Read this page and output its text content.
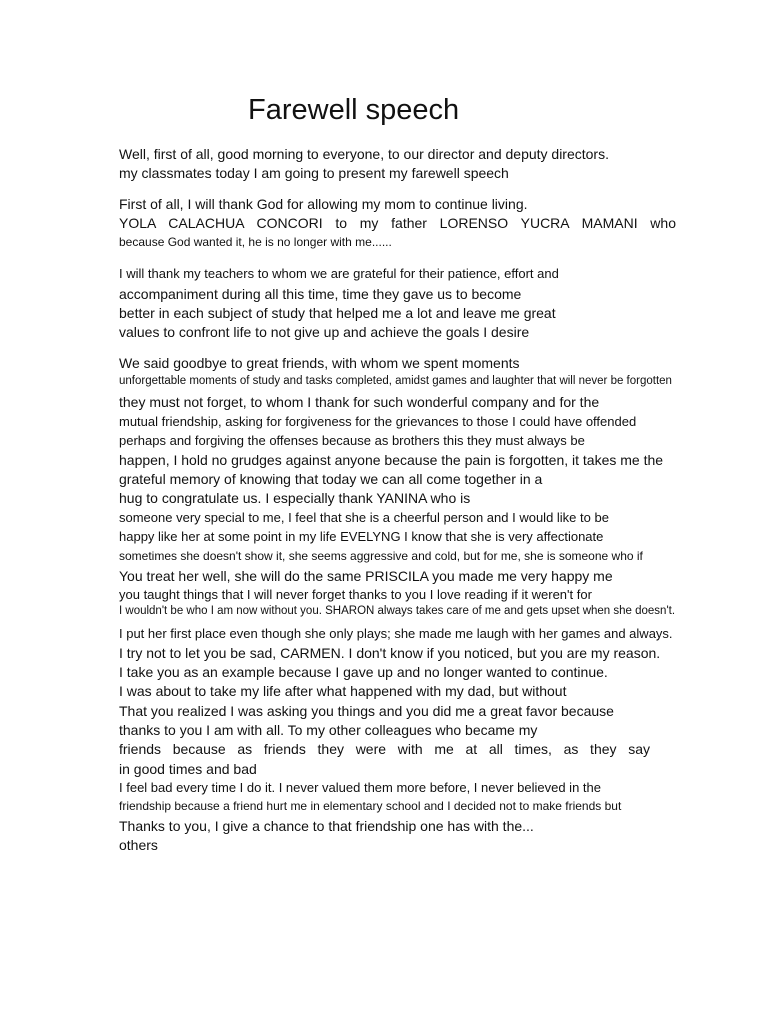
Farewell speech

Well, first of all, good morning to everyone, to our director and deputy directors.

my classmates today I am going to present my farewell speech

First of all, I will thank God for allowing my mom to continue living.

YOLA CALACHUA CONCORI to my father LORENSO YUCRA MAMANI who

because God wanted it, he is no longer with me......

I will thank my teachers to whom we are grateful for their patience, effort and

accompaniment during all this time, time they gave us to become

better in each subject of study that helped me a lot and leave me great

values to confront life to not give up and achieve the goals I desire

We said goodbye to great friends, with whom we spent moments

unforgettable moments of study and tasks completed, amidst games and laughter that will never be forgotten

they must not forget, to whom I thank for such wonderful company and for the

mutual friendship, asking for forgiveness for the grievances to those I could have offended

perhaps and forgiving the offenses because as brothers this they must always be

happen, I hold no grudges against anyone because the pain is forgotten, it takes me the

grateful memory of knowing that today we can all come together in a

hug to congratulate us. I especially thank YANINA who is

someone very special to me, I feel that she is a cheerful person and I would like to be

happy like her at some point in my life EVELYNG I know that she is very affectionate

sometimes she doesn't show it, she seems aggressive and cold, but for me, she is someone who if

You treat her well, she will do the same PRISCILA you made me very happy me

you taught things that I will never forget thanks to you I love reading if it weren't for

I wouldn't be who I am now without you. SHARON always takes care of me and gets upset when she doesn't.

I put her first place even though she only plays; she made me laugh with her games and always.

I try not to let you be sad, CARMEN. I don't know if you noticed, but you are my reason.

I take you as an example because I gave up and no longer wanted to continue.

I was about to take my life after what happened with my dad, but without

That you realized I was asking you things and you did me a great favor because

thanks to you I am with all. To my other colleagues who became my

friends because as friends they were with me at all times, as they say

in good times and bad

I feel bad every time I do it. I never valued them more before, I never believed in the

friendship because a friend hurt me in elementary school and I decided not to make friends but

Thanks to you, I give a chance to that friendship one has with the...

others
